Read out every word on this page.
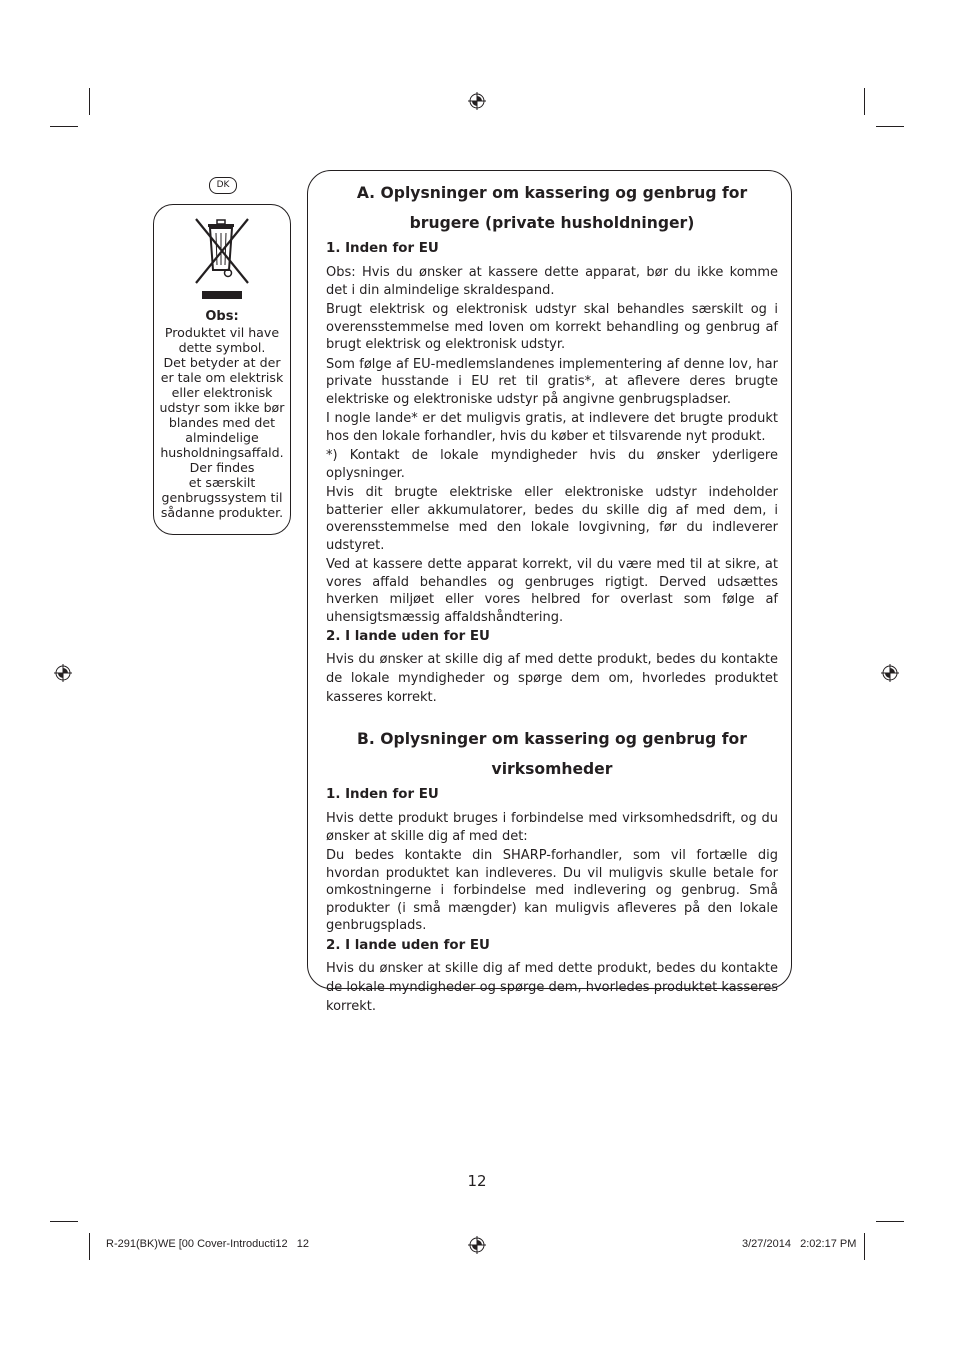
DK
Obs:
Produktet vil have
dette symbol.
Det betyder at der
er tale om elektrisk
eller elektronisk
udstyr som ikke bør
blandes med det
almindelige
husholdningsaffald.
Der findes
et særskilt
genbrugssystem til
sådanne produkter.
A. Oplysninger om kassering og genbrug for
brugere (private husholdninger)
1. Inden for EU

Obs: Hvis du ønsker at kassere dette apparat, bør du ikke komme det i din almindelige skraldespand.

Brugt elektrisk og elektronisk udstyr skal behandles særskilt og i overensstemmelse med loven om korrekt behandling og genbrug af brugt elektrisk og elektronisk udstyr.

Som følge af EU-medlemslandenes implementering af denne lov, har private husstande i EU ret til gratis*, at aflevere deres brugte elektriske og elektroniske udstyr på angivne genbrugspladser.

I nogle lande* er det muligvis gratis, at indlevere det brugte produkt hos den lokale forhandler, hvis du køber et tilsvarende nyt produkt.

*) Kontakt de lokale myndigheder hvis du ønsker yderligere oplysninger.

Hvis dit brugte elektriske eller elektroniske udstyr indeholder batterier eller akkumulatorer, bedes du skille dig af med dem, i overensstemmelse med den lokale lovgivning, før du indleverer udstyret.

Ved at kassere dette apparat korrekt, vil du være med til at sikre, at vores affald behandles og genbruges rigtigt. Derved udsættes hverken miljøet eller vores helbred for overlast som følge af uhensigtsmæssig affaldshåndtering.

2. I lande uden for EU

Hvis du ønsker at skille dig af med dette produkt, bedes du kontakte de lokale myndigheder og spørge dem om, hvorledes produktet kasseres korrekt.

B. Oplysninger om kassering og genbrug for
virksomheder
1. Inden for EU

Hvis dette produkt bruges i forbindelse med virksomhedsdrift, og du ønsker at skille dig af med det:

Du bedes kontakte din SHARP-forhandler, som vil fortælle dig hvordan produktet kan indleveres. Du vil muligvis skulle betale for omkostningerne i forbindelse med indlevering og genbrug. Små produkter (i små mængder) kan muligvis afleveres på den lokale genbrugsplads.

2. I lande uden for EU

Hvis du ønsker at skille dig af med dette produkt, bedes du kontakte de lokale myndigheder og spørge dem, hvorledes produktet kasseres korrekt.

12
R-291(BK)WE [00 Cover-Introducti12   12	3/27/2014   2:02:17 PM
